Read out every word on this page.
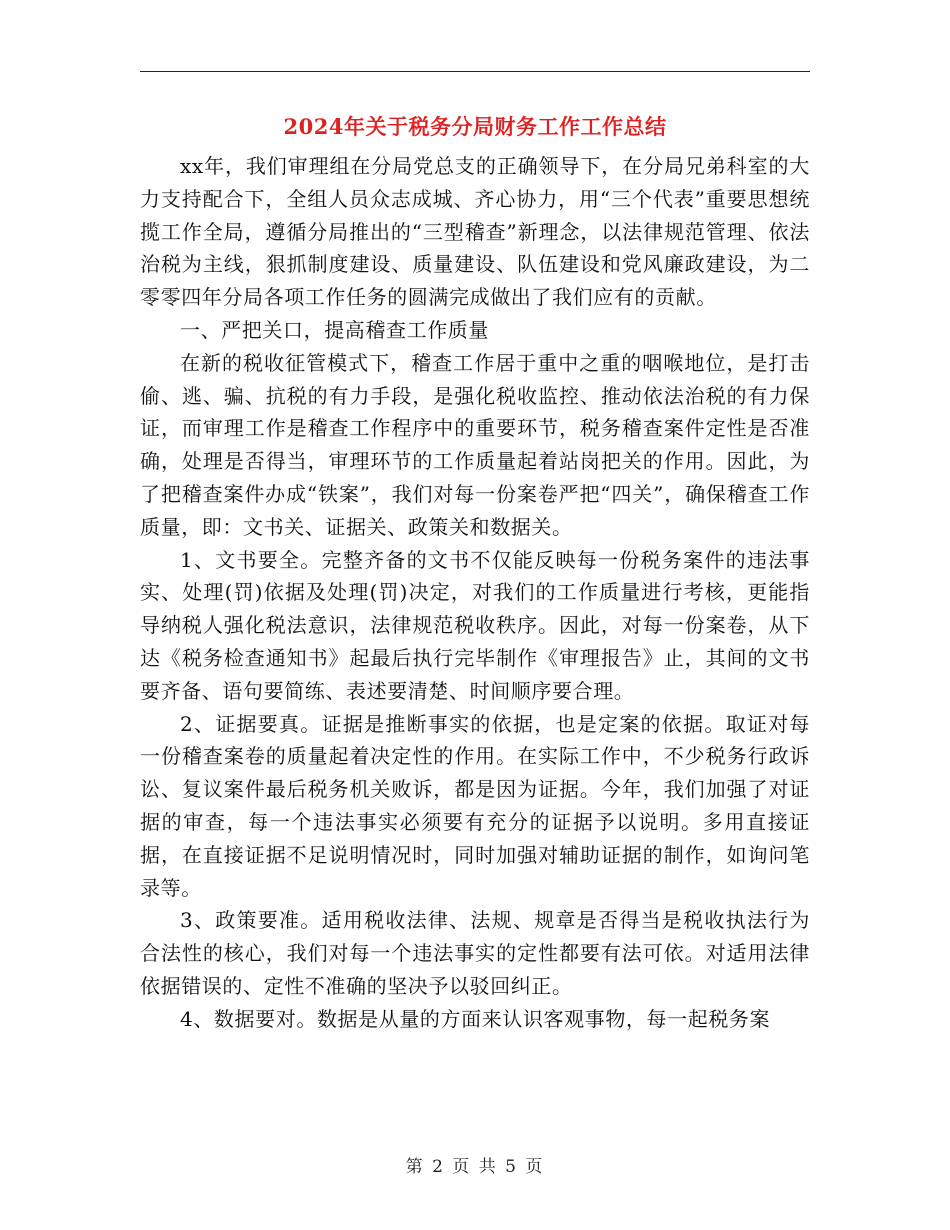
2024年关于税务分局财务工作工作总结

xx年，我们审理组在分局党总支的正确领导下，在分局兄弟科室的大力支持配合下，全组人员众志成城、齐心协力，用“三个代表”重要思想统揽工作全局，遵循分局推出的“三型稽查”新理念，以法律规范管理、依法治税为主线，狠抓制度建设、质量建设、队伍建设和党风廉政建设，为二零零四年分局各项工作任务的圆满完成做出了我们应有的贡献。

一、严把关口，提高稽查工作质量

在新的税收征管模式下，稽查工作居于重中之重的咽喉地位，是打击偷、逃、骗、抗税的有力手段，是强化税收监控、推动依法治税的有力保证，而审理工作是稽查工作程序中的重要环节，税务稽查案件定性是否准确，处理是否得当，审理环节的工作质量起着站岗把关的作用。因此，为了把稽查案件办成“铁案”，我们对每一份案卷严把“四关”，确保稽查工作质量，即：文书关、证据关、政策关和数据关。

1、文书要全。完整齐备的文书不仅能反映每一份税务案件的违法事实、处理(罚)依据及处理(罚)决定，对我们的工作质量进行考核，更能指导纳税人强化税法意识，法律规范税收秩序。因此，对每一份案卷，从下达《税务检查通知书》起最后执行完毕制作《审理报告》止，其间的文书要齐备、语句要简练、表述要清楚、时间顺序要合理。

2、证据要真。证据是推断事实的依据，也是定案的依据。取证对每一份稽查案卷的质量起着决定性的作用。在实际工作中，不少税务行政诉讼、复议案件最后税务机关败诉，都是因为证据。今年，我们加强了对证据的审查，每一个违法事实必须要有充分的证据予以说明。多用直接证据，在直接证据不足说明情况时，同时加强对辅助证据的制作，如询问笔录等。

3、政策要准。适用税收法律、法规、规章是否得当是税收执法行为合法性的核心，我们对每一个违法事实的定性都要有法可依。对适用法律依据错误的、定性不准确的坚决予以驳回纠正。

4、数据要对。数据是从量的方面来认识客观事物，每一起税务案

第 2 页 共 5 页
